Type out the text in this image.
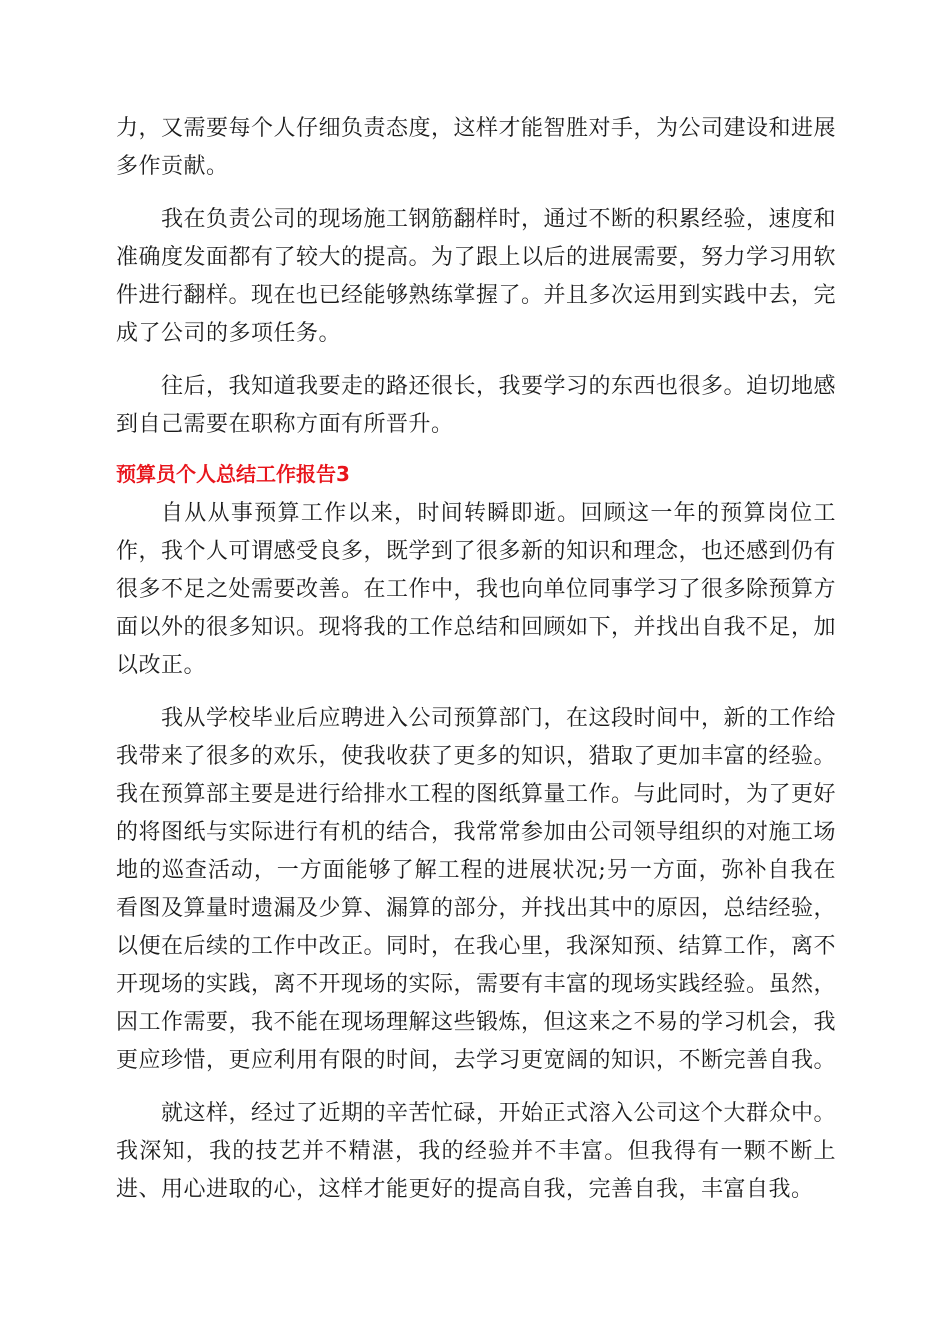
力，又需要每个人仔细负责态度，这样才能智胜对手，为公司建设和进展多作贡献。

我在负责公司的现场施工钢筋翻样时，通过不断的积累经验，速度和准确度发面都有了较大的提高。为了跟上以后的进展需要，努力学习用软件进行翻样。现在也已经能够熟练掌握了。并且多次运用到实践中去，完成了公司的多项任务。

往后，我知道我要走的路还很长，我要学习的东西也很多。迫切地感到自己需要在职称方面有所晋升。

预算员个人总结工作报告3

自从从事预算工作以来，时间转瞬即逝。回顾这一年的预算岗位工作，我个人可谓感受良多，既学到了很多新的知识和理念，也还感到仍有很多不足之处需要改善。在工作中，我也向单位同事学习了很多除预算方面以外的很多知识。现将我的工作总结和回顾如下，并找出自我不足，加以改正。

我从学校毕业后应聘进入公司预算部门，在这段时间中，新的工作给我带来了很多的欢乐，使我收获了更多的知识，猎取了更加丰富的经验。我在预算部主要是进行给排水工程的图纸算量工作。与此同时，为了更好的将图纸与实际进行有机的结合，我常常参加由公司领导组织的对施工场地的巡查活动，一方面能够了解工程的进展状况;另一方面，弥补自我在看图及算量时遗漏及少算、漏算的部分，并找出其中的原因，总结经验，以便在后续的工作中改正。同时，在我心里，我深知预、结算工作，离不开现场的实践，离不开现场的实际，需要有丰富的现场实践经验。虽然，因工作需要，我不能在现场理解这些锻炼，但这来之不易的学习机会，我更应珍惜，更应利用有限的时间，去学习更宽阔的知识，不断完善自我。

就这样，经过了近期的辛苦忙碌，开始正式溶入公司这个大群众中。我深知，我的技艺并不精湛，我的经验并不丰富。但我得有一颗不断上进、用心进取的心，这样才能更好的提高自我，完善自我，丰富自我。
